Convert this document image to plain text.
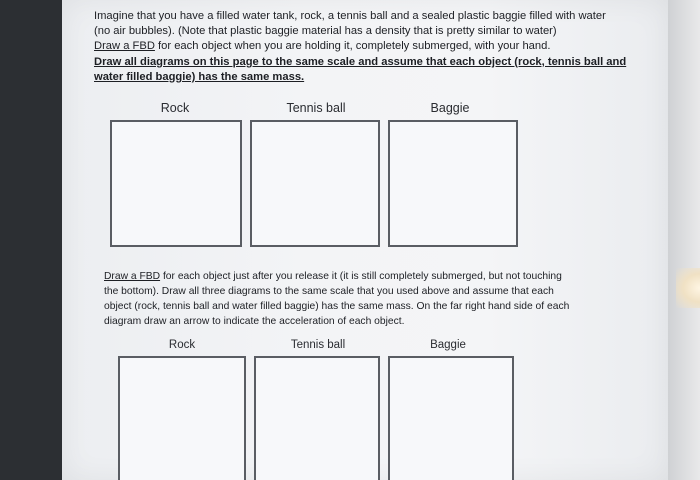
Imagine that you have a filled water tank, rock, a tennis ball and a sealed plastic baggie filled with water
(no air bubbles). (Note that plastic baggie material has a density that is pretty similar to water)
Draw a FBD for each object when you are holding it, completely submerged, with your hand.
Draw all diagrams on this page to the same scale and assume that each object (rock, tennis ball and
water filled baggie) has the same mass.
Rock	Tennis ball	Baggie
Draw a FBD for each object just after you release it (it is still completely submerged, but not touching
the bottom). Draw all three diagrams to the same scale that you used above and assume that each
object (rock, tennis ball and water filled baggie) has the same mass. On the far right hand side of each
diagram draw an arrow to indicate the acceleration of each object.
Rock	Tennis ball	Baggie
